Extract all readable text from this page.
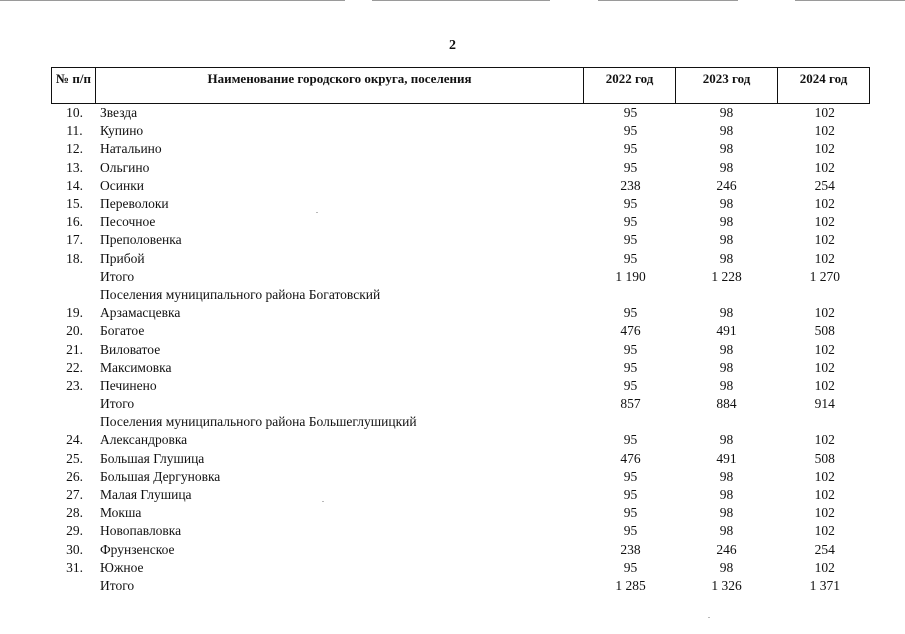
2
№ п/п	Наименование городского округа, поселения	2022 год	2023 год	2024 год
10.	Звезда	95	98	102
11.	Купино	95	98	102
12.	Натальино	95	98	102
13.	Ольгино	95	98	102
14.	Осинки	238	246	254
15.	Переволоки	95	98	102
16.	Песочное	95	98	102
17.	Преполовенка	95	98	102
18.	Прибой	95	98	102
	Итого	1 190	1 228	1 270
	Поселения муниципального района Богатовский			
19.	Арзамасцевка	95	98	102
20.	Богатое	476	491	508
21.	Виловатое	95	98	102
22.	Максимовка	95	98	102
23.	Печинено	95	98	102
	Итого	857	884	914
	Поселения муниципального района Большеглушицкий			
24.	Александровка	95	98	102
25.	Большая Глушица	476	491	508
26.	Большая Дергуновка	95	98	102
27.	Малая Глушица	95	98	102
28.	Мокша	95	98	102
29.	Новопавловка	95	98	102
30.	Фрунзенское	238	246	254
31.	Южное	95	98	102
	Итого	1 285	1 326	1 371
